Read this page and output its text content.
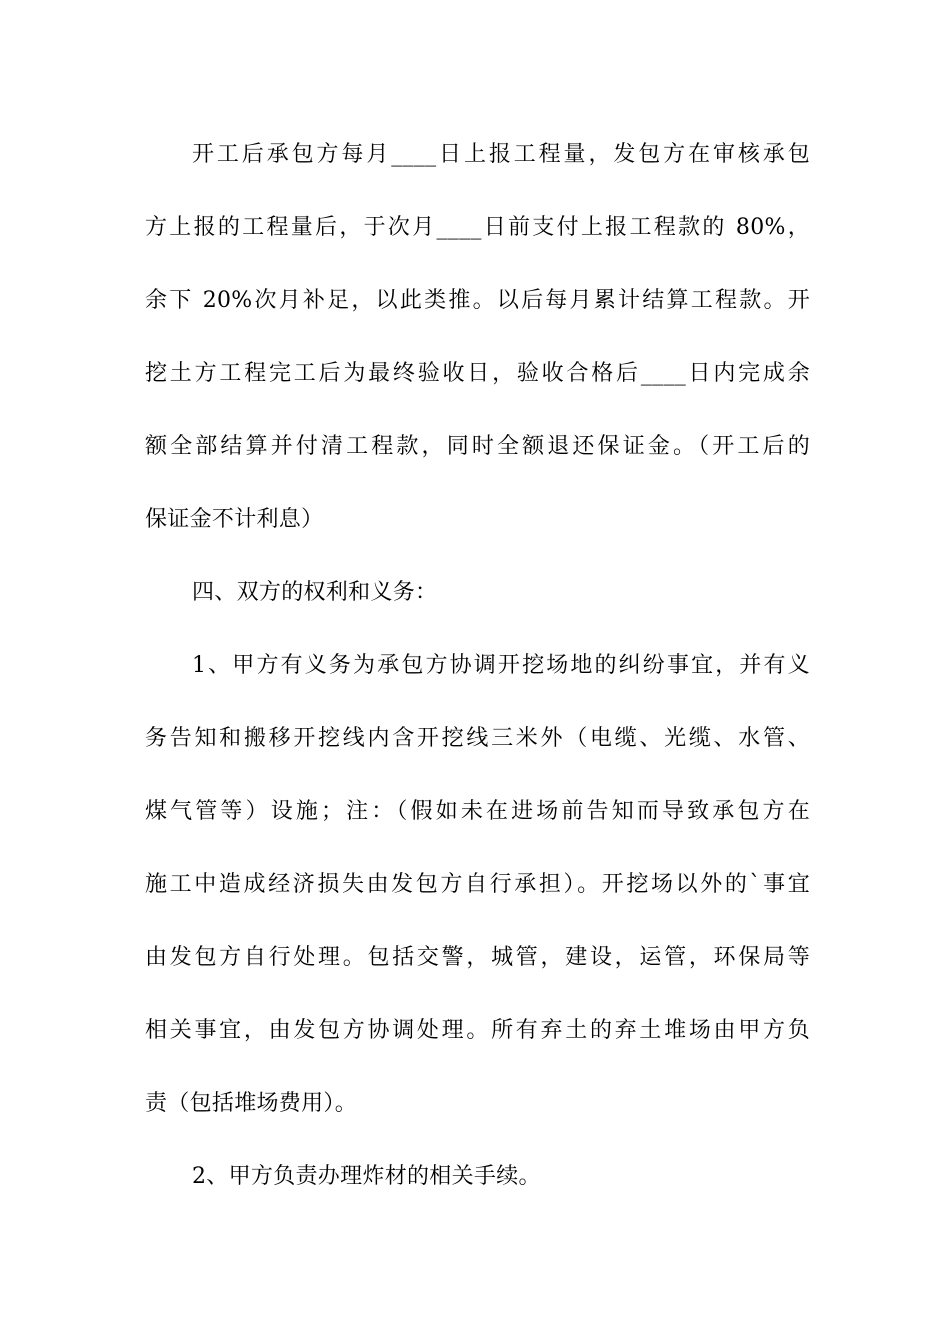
开工后承包方每月____日上报工程量，发包方在审核承包
方上报的工程量后，于次月____日前支付上报工程款的 80%，
余下 20%次月补足，以此类推。以后每月累计结算工程款。开
挖土方工程完工后为最终验收日，验收合格后____日内完成余
额全部结算并付清工程款，同时全额退还保证金。（开工后的
保证金不计利息）
四、双方的权利和义务：
1、甲方有义务为承包方协调开挖场地的纠纷事宜，并有义
务告知和搬移开挖线内含开挖线三米外（电缆、光缆、水管、
煤气管等）设施；注：（假如未在进场前告知而导致承包方在
施工中造成经济损失由发包方自行承担）。开挖场以外的`事宜
由发包方自行处理。包括交警，城管，建设，运管，环保局等
相关事宜，由发包方协调处理。所有弃土的弃土堆场由甲方负
责（包括堆场费用）。
2、甲方负责办理炸材的相关手续。
